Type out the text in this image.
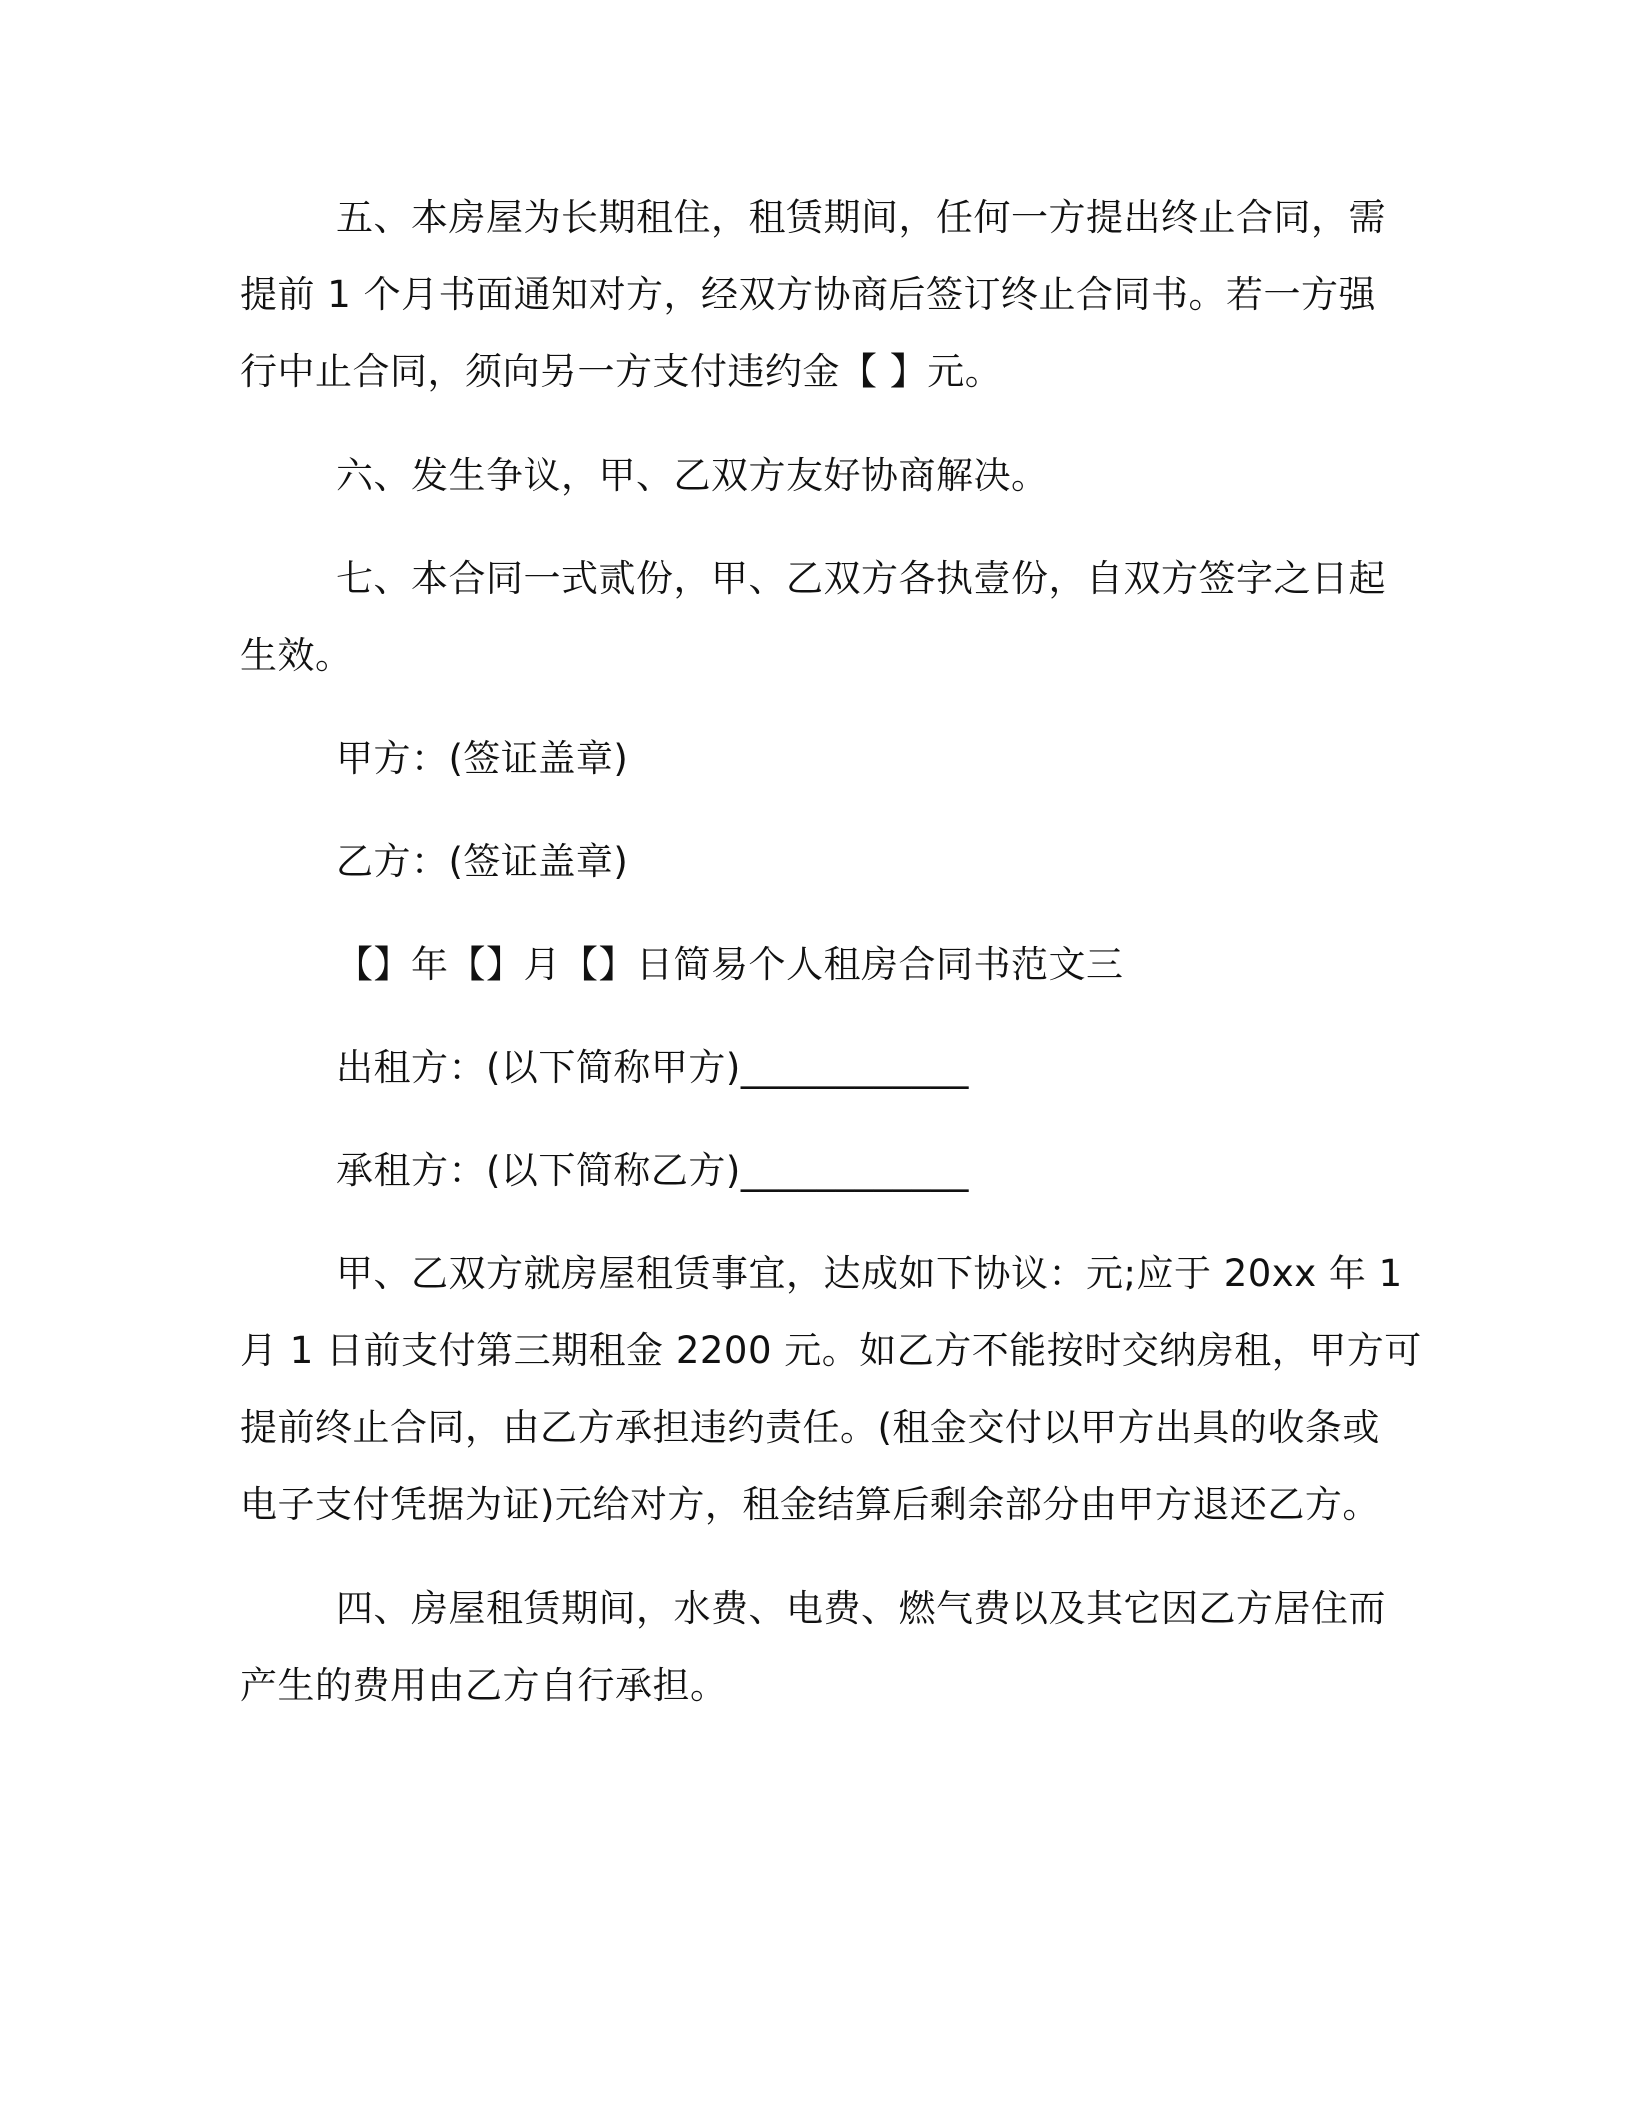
五、本房屋为长期租住，租赁期间，任何一方提出终止合同，需
提前 1 个月书面通知对方，经双方协商后签订终止合同书。若一方强
行中止合同，须向另一方支付违约金【 】元。
六、发生争议，甲、乙双方友好协商解决。
七、本合同一式贰份，甲、乙双方各执壹份，自双方签字之日起
生效。
甲方：(签证盖章)
乙方：(签证盖章)
【】年【】月【】日简易个人租房合同书范文三
出租方：(以下简称甲方)____________
承租方：(以下简称乙方)____________
甲、乙双方就房屋租赁事宜，达成如下协议：元;应于 20xx 年 1
月 1 日前支付第三期租金 2200 元。如乙方不能按时交纳房租，甲方可
提前终止合同，由乙方承担违约责任。(租金交付以甲方出具的收条或
电子支付凭据为证)元给对方，租金结算后剩余部分由甲方退还乙方。
四、房屋租赁期间，水费、电费、燃气费以及其它因乙方居住而
产生的费用由乙方自行承担。
